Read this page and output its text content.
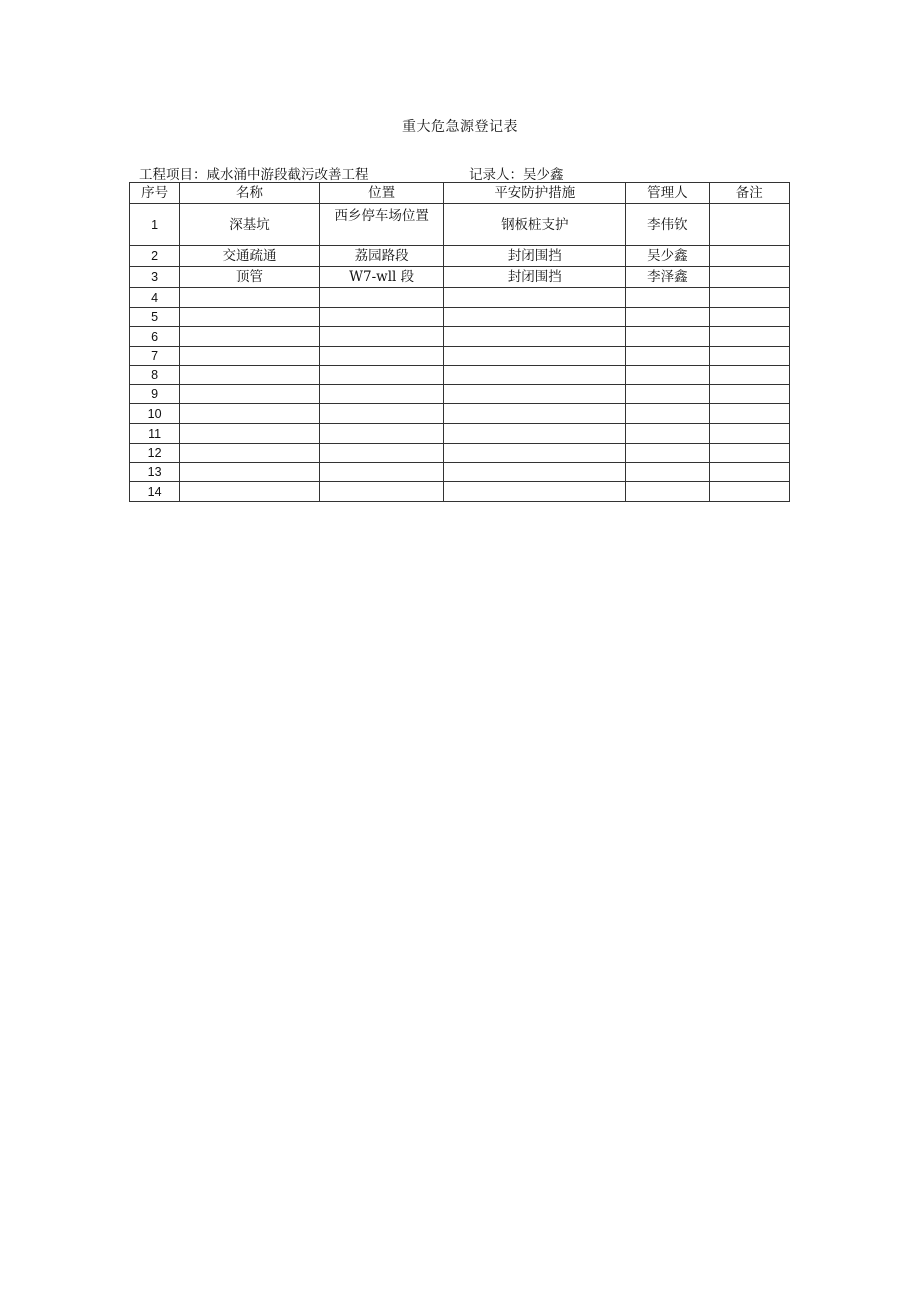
重大危急源登记表
工程项目：咸水涌中游段截污改善工程	记录人：吴少鑫
序号	名称	位置	平安防护措施	管理人	备注
1	深基坑	西乡停车场位置	钢板桩支护	李伟钦	
2	交通疏通	荔园路段	封闭围挡	吴少鑫	
3	顶管	W7-wll 段	封闭围挡	李泽鑫	
4					
5					
6					
7					
8					
9					
10					
11					
12					
13					
14					
